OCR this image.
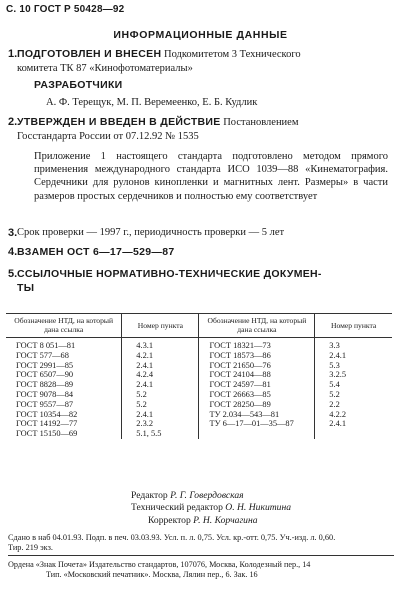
С. 10 ГОСТ Р 50428—92
ИНФОРМАЦИОННЫЕ ДАННЫЕ
1. ПОДГОТОВЛЕН И ВНЕСЕН Подкомитетом 3 Технического
комитета ТК 87 «Кинофотоматериалы»
РАЗРАБОТЧИКИ
А. Ф. Терещук, М. П. Веремеенко, Е. Б. Кудлик
2. УТВЕРЖДЕН И ВВЕДЕН В ДЕЙСТВИЕ Постановлением
Госстандарта России от 07.12.92 № 1535
Приложение 1 настоящего стандарта подготовлено методом прямого применения международного стандарта ИСО 1039—88 «Кинематография. Сердечники для рулонов кинопленки и магнитных лент. Размеры» в части размеров простых сердечников и полностью ему соответствует
3. Срок проверки — 1997 г., периодичность проверки — 5 лет
4. ВЗАМЕН ОСТ 6—17—529—87
5. ССЫЛОЧНЫЕ НОРМАТИВНО-ТЕХНИЧЕСКИЕ ДОКУМЕН-
ТЫ
Обозначение НТД, на который дана ссылка	Номер пункта	Обозначение НТД, на который дана ссылка	Номер пункта
ГОСТ 8 051—81	4.3.1	ГОСТ 18321—73	3.3
ГОСТ 577—68	4.2.1	ГОСТ 18573—86	2.4.1
ГОСТ 2991—85	2.4.1	ГОСТ 21650—76	5.3
ГОСТ 6507—90	4.2.4	ГОСТ 24104—88	3.2.5
ГОСТ 8828—89	2.4.1	ГОСТ 24597—81	5.4
ГОСТ 9078—84	5.2	ГОСТ 26663—85	5.2
ГОСТ 9557—87	5.2	ГОСТ 28250—89	2.2
ГОСТ 10354—82	2.4.1	ТУ 2.034—543—81	4.2.2
ГОСТ 14192—77	2.3.2	ТУ 6—17—01—35—87	2.4.1
ГОСТ 15150—69	5.1, 5.5		
Редактор Р. Г. Говердовская
Технический редактор О. Н. Никитина
Корректор Р. Н. Корчагина
Сдано в наб 04.01.93. Подп. в печ. 03.03.93. Усл. п. л. 0,75. Усл. кр.-отт. 0,75. Уч.-изд. л. 0,60.
Тир. 219 экз.
Ордена «Знак Почета» Издательство стандартов, 107076, Москва, Колодезный пер., 14
Тип. «Московский печатник». Москва, Лялин пер., 6. Зак. 16
